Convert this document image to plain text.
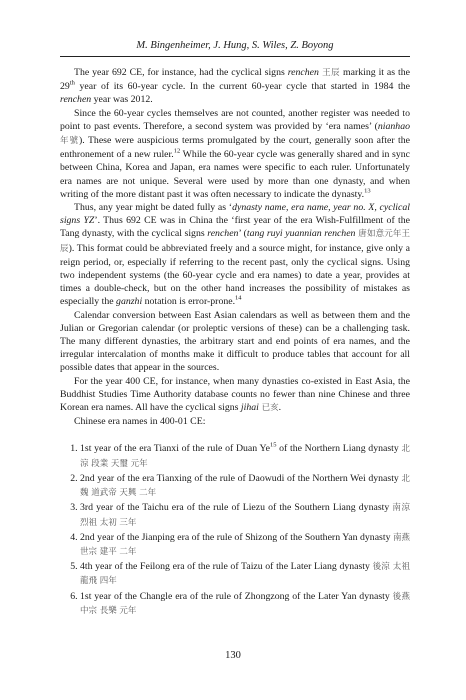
M. Bingenheimer, J. Hung, S. Wiles, Z. Boyong

The year 692 CE, for instance, had the cyclical signs renchen 王辰 marking it as the 29th year of its 60-year cycle. In the current 60-year cycle that started in 1984 the renchen year was 2012.

Since the 60-year cycles themselves are not counted, another register was needed to point to past events. Therefore, a second system was provided by ‘era names’ (nianhao 年號). These were auspicious terms promulgated by the court, generally soon after the enthronement of a new ruler.$^{12}$ While the 60-year cycle was generally shared and in sync between China, Korea and Japan, era names were specific to each ruler. Unfortunately era names are not unique. Several were used by more than one dynasty, and when writing of the more distant past it was often necessary to indicate the dynasty.$^{13}$

Thus, any year might be dated fully as ‘dynasty name, era name, year no. X, cyclical signs YZ’. Thus 692 CE was in China the ‘first year of the era Wish-Fulfillment of the Tang dynasty, with the cyclical signs renchen’ (tang ruyi yuannian renchen 唐如意元年王辰). This format could be abbreviated freely and a source might, for instance, give only a reign period, or, especially if referring to the recent past, only the cyclical signs. Using two independent systems (the 60-year cycle and era names) to date a year, provides at times a double-check, but on the other hand increases the possibility of mistakes as especially the ganzhi notation is error-prone.$^{14}$

Calendar conversion between East Asian calendars as well as between them and the Julian or Gregorian calendar (or proleptic versions of these) can be a challenging task. The many different dynasties, the arbitrary start and end points of era names, and the irregular intercalation of months make it difficult to produce tables that account for all possible dates that appear in the sources.

For the year 400 CE, for instance, when many dynasties co-existed in East Asia, the Buddhist Studies Time Authority database counts no fewer than nine Chinese and three Korean era names. All have the cyclical signs jihai 已亥.

Chinese era names in 400-01 CE:

1. 1st year of the era Tianxi of the rule of Duan Ye$^{15}$ of the Northern Liang dynasty 北涼 段業 天璽 元年
2. 2nd year of the era Tianxing of the rule of Daowudi of the Northern Wei dynasty 北魏 道武帝 天興 二年
3. 3rd year of the Taichu era of the rule of Liezu of the Southern Liang dynasty 南涼 烈祖 太初 三年
4. 2nd year of the Jianping era of the rule of Shizong of the Southern Yan dynasty 南燕 世宗 建平 二年
5. 4th year of the Feilong era of the rule of Taizu of the Later Liang dynasty 後涼 太祖 龍飛 四年
6. 1st year of the Changle era of the rule of Zhongzong of the Later Yan dynasty 後燕 中宗 長樂 元年
130
